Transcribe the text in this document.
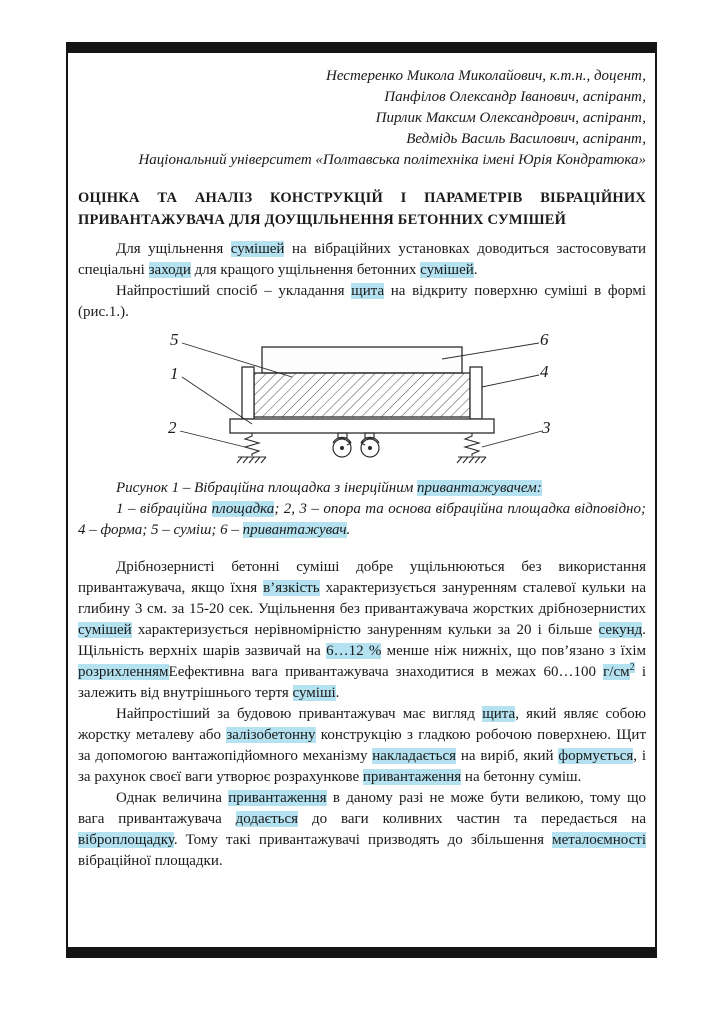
Нестеренко Микола Миколайович, к.т.н., доцент,
Панфілов Олександр Іванович, аспірант,
Пирлик Максим Олександрович, аспірант,
Ведмідь Василь Василович, аспірант,
Національний університет «Полтавська політехніка імені Юрія Кондратюка»
ОЦІНКА ТА АНАЛІЗ КОНСТРУКЦІЙ І ПАРАМЕТРІВ ВІБРАЦІЙНИХ ПРИВАНТАЖУВАЧА ДЛЯ ДОУЩІЛЬНЕННЯ БЕТОННИХ СУМІШЕЙ

Для ущільнення сумішей на вібраційних установках доводиться застосовувати спеціальні заходи для кращого ущільнення бетонних сумішей.

Найпростіший спосіб – укладання щита на відкриту поверхню суміші в формі (рис.1.).

5	6
1	4
2	3

Рисунок 1 – Вібраційна площадка з інерційним привантажувачем:

1 – вібраційна площадка; 2, 3 – опора та основа вібраційна площадка відповідно; 4 – форма; 5 – суміш; 6 – привантажувач.

Дрібнозернисті бетонні суміші добре ущільнюються без використання привантажувача, якщо їхня в’язкість характеризується зануренням сталевої кульки на глибину 3 см. за 15-20 сек. Ущільнення без привантажувача жорстких дрібнозернистих сумішей характеризується нерівномірністю зануренням кульки за 20 і більше секунд. Щільність верхніх шарів зазвичай на 6…12 % менше ніж нижніх, що пов’язано з їхім розрихленнямЕефективна вага привантажувача знаходитися в межах 60…100 $г/см^2$ і залежить від внутрішнього тертя суміші.

Найпростіший за будовою привантажувач має вигляд щита, який являє собою жорстку металеву або залізобетонну конструкцію з гладкою робочою поверхнею. Щит за допомогою вантажопідйомного механізму накладається на виріб, який формується, і за рахунок своєї ваги утворює розрахункове привантаження на бетонну суміш.

Однак величина привантаження в даному разі не може бути великою, тому що вага привантажувача додається до ваги коливних частин та передається на віброплощадку. Тому такі привантажувачі призводять до збільшення металоємності вібраційної площадки.
